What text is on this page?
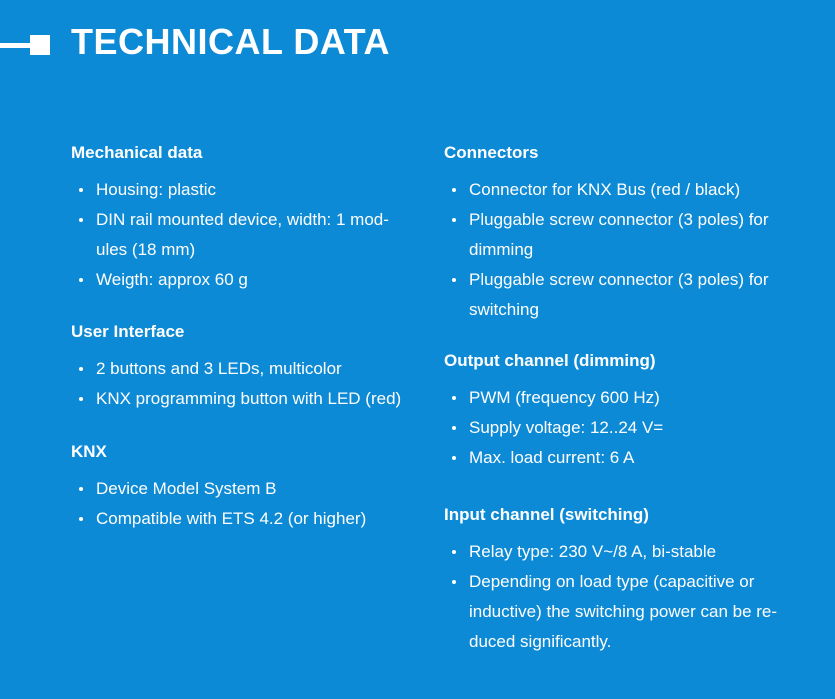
TECHNICAL DATA
Mechanical data
Housing: plastic
DIN rail mounted device, width: 1 mod-ules (18 mm)
Weigth: approx 60 g
User Interface
2 buttons and 3 LEDs, multicolor
KNX programming button with LED (red)
KNX
Device Model System B
Compatible with ETS 4.2 (or higher)
Connectors
Connector for KNX Bus (red / black)
Pluggable screw connector (3 poles) for dimming
Pluggable screw connector (3 poles) for switching
Output channel (dimming)
PWM (frequency 600 Hz)
Supply voltage: 12..24 V=
Max. load current: 6 A
Input channel (switching)
Relay type: 230 V~/8 A, bi-stable
Depending on load type (capacitive or inductive) the switching power can be re-duced significantly.
